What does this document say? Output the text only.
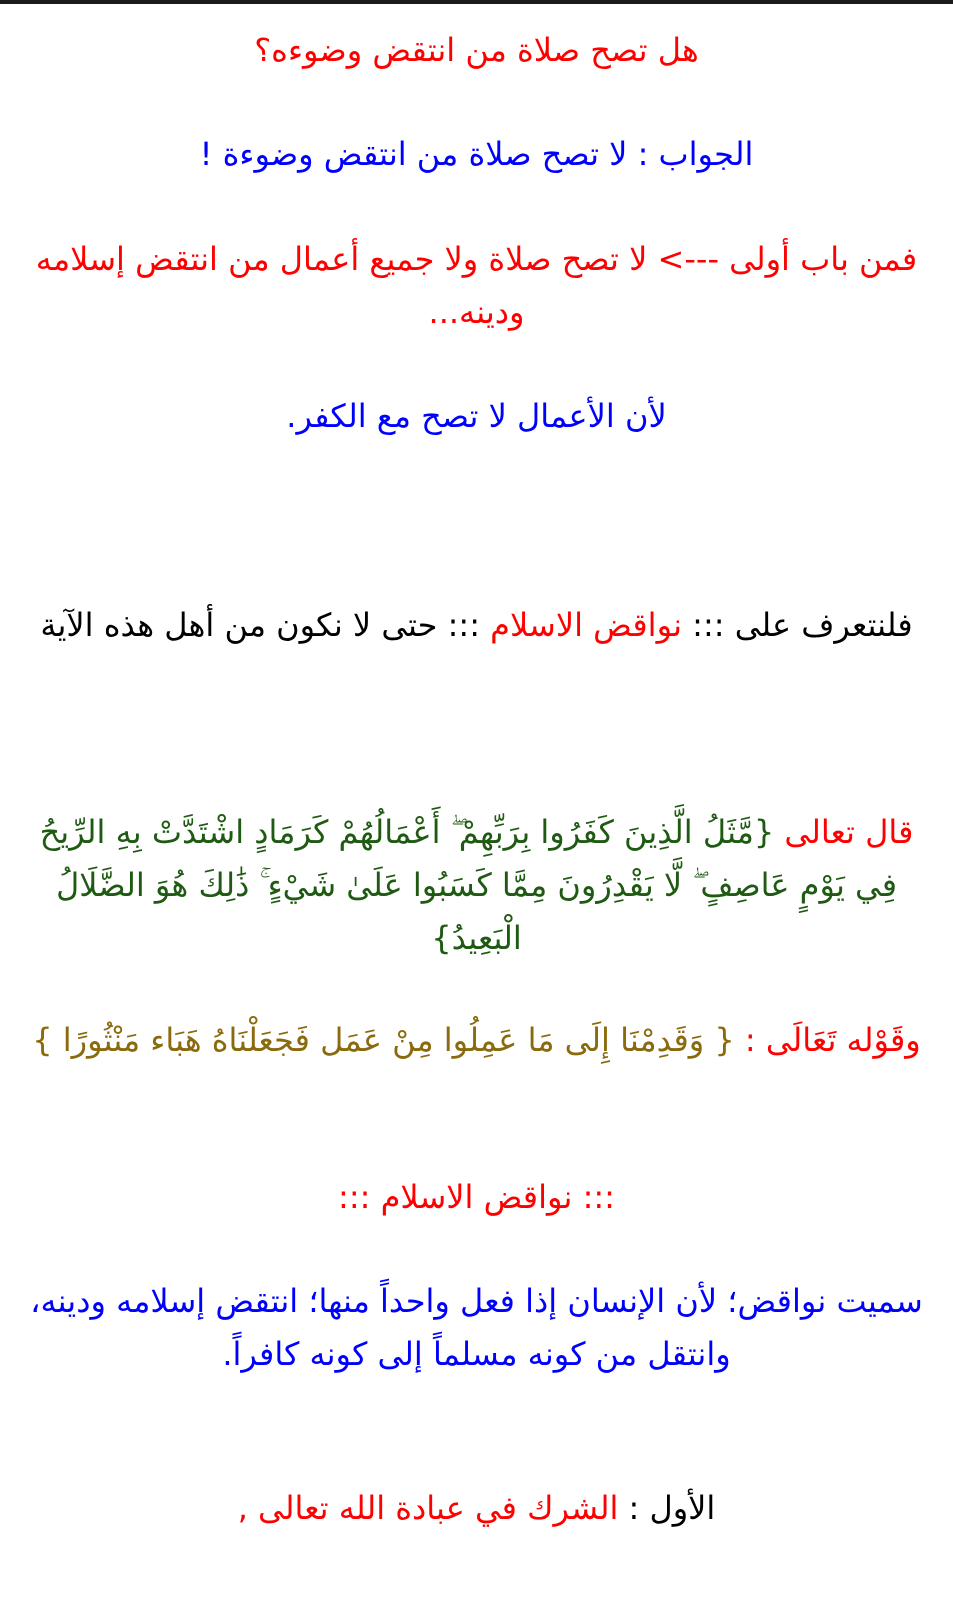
هل تصح صلاة من انتقض وضوءه؟

الجواب : لا تصح صلاة من انتقض وضوءة !

فمن باب أولى ---> لا تصح صلاة ولا جميع أعمال من انتقض إسلامه ودينه...

لأن الأعمال لا تصح مع الكفر.

فلنتعرف على ::: نواقض الاسلام ::: حتى لا نكون من أهل هذه الآية

قال تعالى {مَّثَلُ الَّذِينَ كَفَرُوا بِرَبِّهِمْ ۖ أَعْمَالُهُمْ كَرَمَادٍ اشْتَدَّتْ بِهِ الرِّيحُ فِي يَوْمٍ عَاصِفٍ ۖ لَّا يَقْدِرُونَ مِمَّا كَسَبُوا عَلَىٰ شَيْءٍ ۚ ذَٰلِكَ هُوَ الضَّلَالُ الْبَعِيدُ}

وقَوْله تَعَالَى : { وَقَدِمْنَا إِلَى مَا عَمِلُوا مِنْ عَمَل فَجَعَلْنَاهُ هَبَاء مَنْثُورًا }

::: نواقض الاسلام :::

سميت نواقض؛ لأن الإنسان إذا فعل واحداً منها؛ انتقض إسلامه ودينه، وانتقل من كونه مسلماً إلى كونه كافراً.

الأول : الشرك في عبادة الله تعالى ,
